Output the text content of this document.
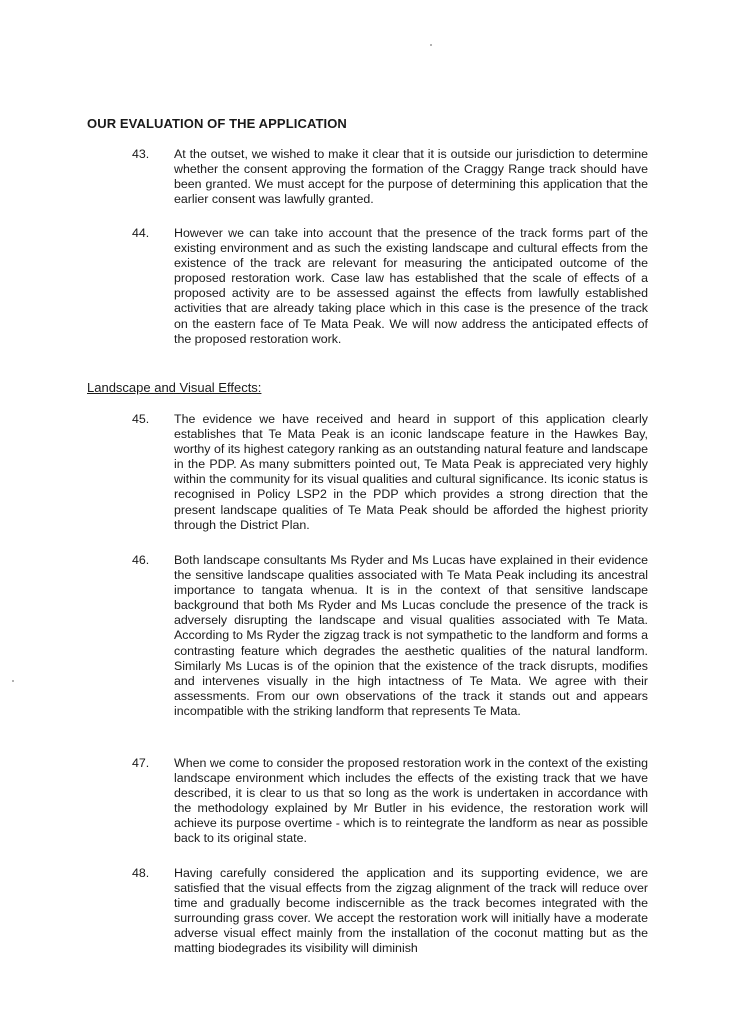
OUR EVALUATION OF THE APPLICATION
43.	At the outset, we wished to make it clear that it is outside our jurisdiction to determine whether the consent approving the formation of the Craggy Range track should have been granted. We must accept for the purpose of determining this application that the earlier consent was lawfully granted.
44.	However we can take into account that the presence of the track forms part of the existing environment and as such the existing landscape and cultural effects from the existence of the track are relevant for measuring the anticipated outcome of the proposed restoration work. Case law has established that the scale of effects of a proposed activity are to be assessed against the effects from lawfully established activities that are already taking place which in this case is the presence of the track on the eastern face of Te Mata Peak. We will now address the anticipated effects of the proposed restoration work.
Landscape and Visual Effects:
45.	The evidence we have received and heard in support of this application clearly establishes that Te Mata Peak is an iconic landscape feature in the Hawkes Bay, worthy of its highest category ranking as an outstanding natural feature and landscape in the PDP. As many submitters pointed out, Te Mata Peak is appreciated very highly within the community for its visual qualities and cultural significance. Its iconic status is recognised in Policy LSP2 in the PDP which provides a strong direction that the present landscape qualities of Te Mata Peak should be afforded the highest priority through the District Plan.
46.	Both landscape consultants Ms Ryder and Ms Lucas have explained in their evidence the sensitive landscape qualities associated with Te Mata Peak including its ancestral importance to tangata whenua. It is in the context of that sensitive landscape background that both Ms Ryder and Ms Lucas conclude the presence of the track is adversely disrupting the landscape and visual qualities associated with Te Mata. According to Ms Ryder the zigzag track is not sympathetic to the landform and forms a contrasting feature which degrades the aesthetic qualities of the natural landform. Similarly Ms Lucas is of the opinion that the existence of the track disrupts, modifies and intervenes visually in the high intactness of Te Mata. We agree with their assessments. From our own observations of the track it stands out and appears incompatible with the striking landform that represents Te Mata.
47.	When we come to consider the proposed restoration work in the context of the existing landscape environment which includes the effects of the existing track that we have described, it is clear to us that so long as the work is undertaken in accordance with the methodology explained by Mr Butler in his evidence, the restoration work will achieve its purpose overtime - which is to reintegrate the landform as near as possible back to its original state.
48.	Having carefully considered the application and its supporting evidence, we are satisfied that the visual effects from the zigzag alignment of the track will reduce over time and gradually become indiscernible as the track becomes integrated with the surrounding grass cover. We accept the restoration work will initially have a moderate adverse visual effect mainly from the installation of the coconut matting but as the matting biodegrades its visibility will diminish
